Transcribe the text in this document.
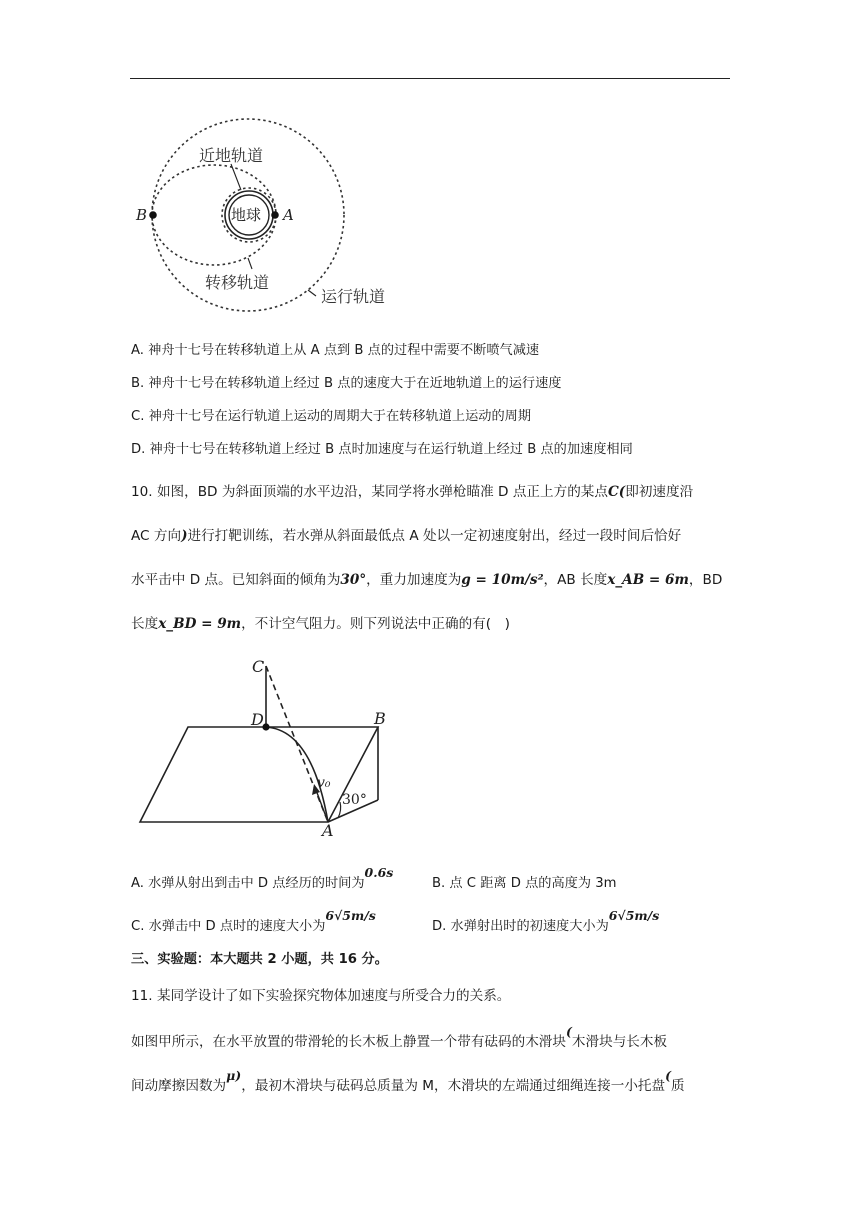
近地轨道
地球 A
B
转移轨道
运行轨道
A. 神舟十七号在转移轨道上从 A 点到 B 点的过程中需要不断喷气减速
B. 神舟十七号在转移轨道上经过 B 点的速度大于在近地轨道上的运行速度
C. 神舟十七号在运行轨道上运动的周期大于在转移轨道上运动的周期
D. 神舟十七号在转移轨道上经过 B 点时加速度与在运行轨道上经过 B 点的加速度相同
10. 如图，BD 为斜面顶端的水平边沿，某同学将水弹枪瞄准 D 点正上方的某点C(即初速度沿
AC 方向)进行打靶训练，若水弹从斜面最低点 A 处以一定初速度射出，经过一段时间后恰好
水平击中 D 点。已知斜面的倾角为30°，重力加速度为g = 10m/s²，AB 长度x_AB = 6m，BD
长度x_BD = 9m，不计空气阻力。则下列说法中正确的有(　)
C
D	B
A
v₀
30°
A. 水弹从射出到击中 D 点经历的时间为0.6s
B. 点 C 距离 D 点的高度为 3m
C. 水弹击中 D 点时的速度大小为6√5m/s
D. 水弹射出时的初速度大小为6√5m/s
三、实验题：本大题共 2 小题，共 16 分。
11. 某同学设计了如下实验探究物体加速度与所受合力的关系。
如图甲所示，在水平放置的带滑轮的长木板上静置一个带有砝码的木滑块(木滑块与长木板
间动摩擦因数为μ)，最初木滑块与砝码总质量为 M，木滑块的左端通过细绳连接一小托盘(质
